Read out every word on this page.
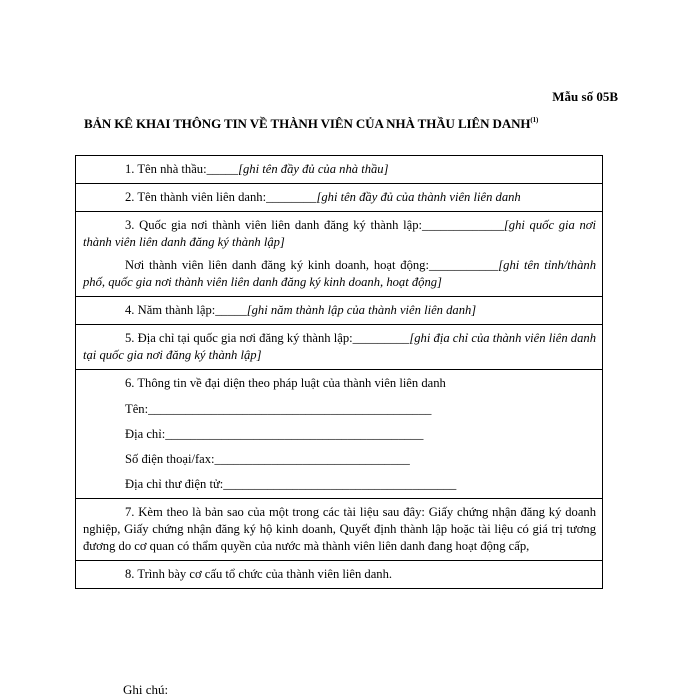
Mẫu số 05B
BẢN KÊ KHAI THÔNG TIN VỀ THÀNH VIÊN CỦA NHÀ THẦU LIÊN DANH$^{(1)}$

1. Tên nhà thầu:_____[ghi tên đầy đủ của nhà thầu]

2. Tên thành viên liên danh:________[ghi tên đầy đủ của thành viên liên danh

3. Quốc gia nơi thành viên liên danh đăng ký thành lập:_____________[ghi quốc gia nơi thành viên liên danh đăng ký thành lập]

Nơi thành viên liên danh đăng ký kinh doanh, hoạt động:___________[ghi tên tỉnh/thành phố, quốc gia nơi thành viên liên danh đăng ký kinh doanh, hoạt động]

4. Năm thành lập:_____[ghi năm thành lập của thành viên liên danh]

5. Địa chỉ tại quốc gia nơi đăng ký thành lập:_________[ghi địa chỉ của thành viên liên danh tại quốc gia nơi đăng ký thành lập]

6. Thông tin về đại diện theo pháp luật của thành viên liên danh

Tên:_____________________________________________

Địa chỉ:_________________________________________

Số điện thoại/fax:_______________________________

Địa chỉ thư điện tử:_____________________________________

7. Kèm theo là bản sao của một trong các tài liệu sau đây: Giấy chứng nhận đăng ký doanh nghiệp, Giấy chứng nhận đăng ký hộ kinh doanh, Quyết định thành lập hoặc tài liệu có giá trị tương đương do cơ quan có thẩm quyền của nước mà thành viên liên danh đang hoạt động cấp,

8. Trình bày cơ cấu tổ chức của thành viên liên danh.

Ghi chú:
